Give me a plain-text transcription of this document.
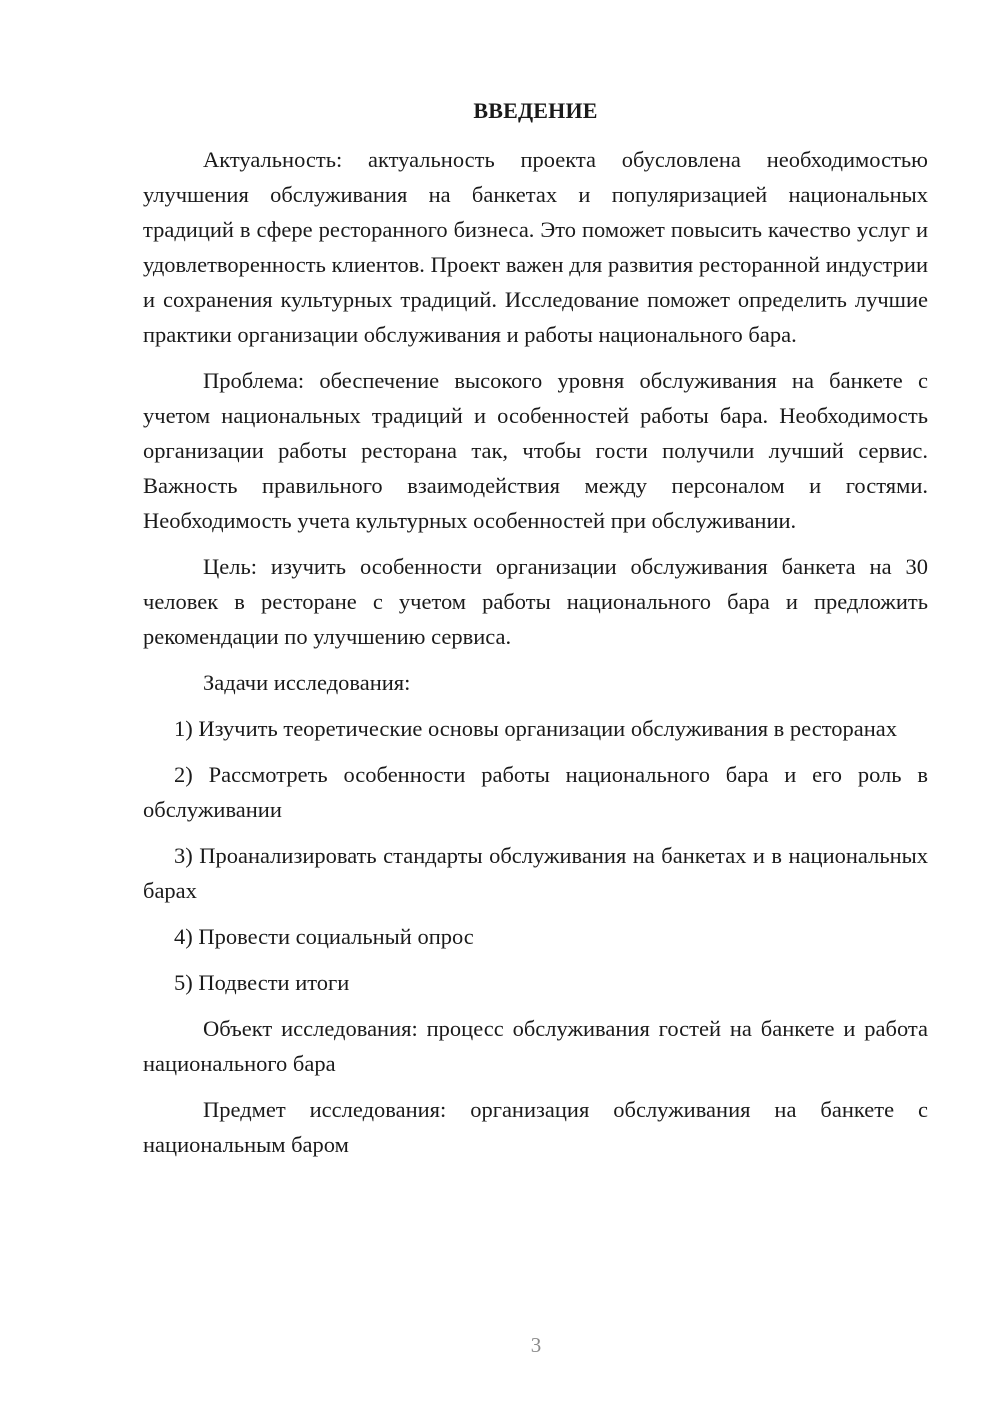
ВВЕДЕНИЕ

Актуальность: актуальность проекта обусловлена необходимостью улучшения обслуживания на банкетах и популяризацией национальных традиций в сфере ресторанного бизнеса. Это поможет повысить качество услуг и удовлетворенность клиентов. Проект важен для развития ресторанной индустрии и сохранения культурных традиций. Исследование поможет определить лучшие практики организации обслуживания и работы национального бара.

Проблема: обеспечение высокого уровня обслуживания на банкете с учетом национальных традиций и особенностей работы бара. Необходимость организации работы ресторана так, чтобы гости получили лучший сервис. Важность правильного взаимодействия между персоналом и гостями. Необходимость учета культурных особенностей при обслуживании.

Цель: изучить особенности организации обслуживания банкета на 30 человек в ресторане с учетом работы национального бара и предложить рекомендации по улучшению сервиса.

Задачи исследования:

1) Изучить теоретические основы организации обслуживания в ресторанах

2) Рассмотреть особенности работы национального бара и его роль в обслуживании

3) Проанализировать стандарты обслуживания на банкетах и в национальных барах

4) Провести социальный опрос

5) Подвести итоги

Объект исследования: процесс обслуживания гостей на банкете и работа национального бара

Предмет исследования: организация обслуживания на банкете с национальным баром

3
